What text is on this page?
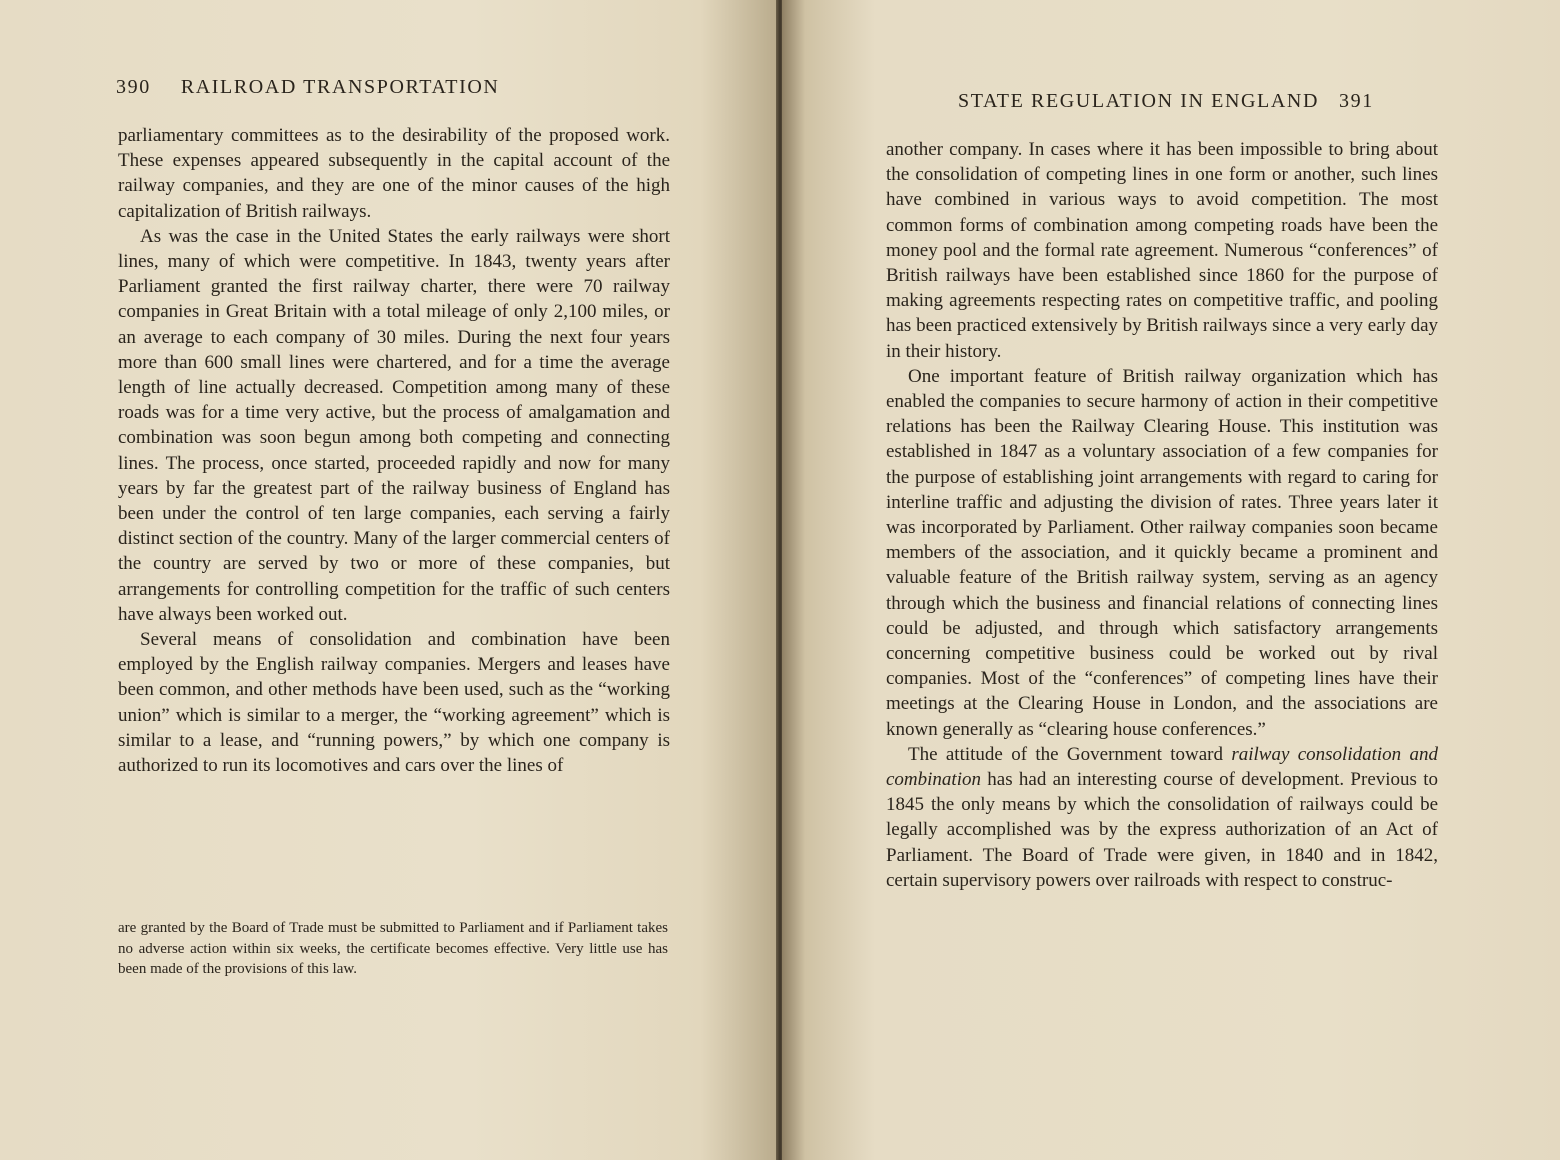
390 RAILROAD TRANSPORTATION

parliamentary committees as to the desirability of the proposed work. These expenses appeared subsequently in the capital account of the railway companies, and they are one of the minor causes of the high capitalization of British railways.

As was the case in the United States the early railways were short lines, many of which were competitive. In 1843, twenty years after Parliament granted the first railway charter, there were 70 railway companies in Great Britain with a total mileage of only 2,100 miles, or an average to each company of 30 miles. During the next four years more than 600 small lines were chartered, and for a time the average length of line actually decreased. Competition among many of these roads was for a time very active, but the process of amalgamation and combination was soon begun among both competing and connecting lines. The process, once started, proceeded rapidly and now for many years by far the greatest part of the railway business of England has been under the control of ten large companies, each serving a fairly distinct section of the country. Many of the larger commercial centers of the country are served by two or more of these companies, but arrangements for controlling competition for the traffic of such centers have always been worked out.

Several means of consolidation and combination have been employed by the English railway companies. Mergers and leases have been common, and other methods have been used, such as the “working union” which is similar to a merger, the “working agreement” which is similar to a lease, and “running powers,” by which one company is authorized to run its locomotives and cars over the lines of

are granted by the Board of Trade must be submitted to Parliament and if Parliament takes no adverse action within six weeks, the certificate becomes effective. Very little use has been made of the provisions of this law.

STATE REGULATION IN ENGLAND 391

another company. In cases where it has been impossible to bring about the consolidation of competing lines in one form or another, such lines have combined in various ways to avoid competition. The most common forms of combination among competing roads have been the money pool and the formal rate agreement. Numerous “conferences” of British railways have been established since 1860 for the purpose of making agreements respecting rates on competitive traffic, and pooling has been practiced extensively by British railways since a very early day in their history.

One important feature of British railway organization which has enabled the companies to secure harmony of action in their competitive relations has been the Railway Clearing House. This institution was established in 1847 as a voluntary association of a few companies for the purpose of establishing joint arrangements with regard to caring for interline traffic and adjusting the division of rates. Three years later it was incorporated by Parliament. Other railway companies soon became members of the association, and it quickly became a prominent and valuable feature of the British railway system, serving as an agency through which the business and financial relations of connecting lines could be adjusted, and through which satisfactory arrangements concerning competitive business could be worked out by rival companies. Most of the “conferences” of competing lines have their meetings at the Clearing House in London, and the associations are known generally as “clearing house conferences.”

The attitude of the Government toward railway consolidation and combination has had an interesting course of development. Previous to 1845 the only means by which the consolidation of railways could be legally accomplished was by the express authorization of an Act of Parliament. The Board of Trade were given, in 1840 and in 1842, certain supervisory powers over railroads with respect to construc-
